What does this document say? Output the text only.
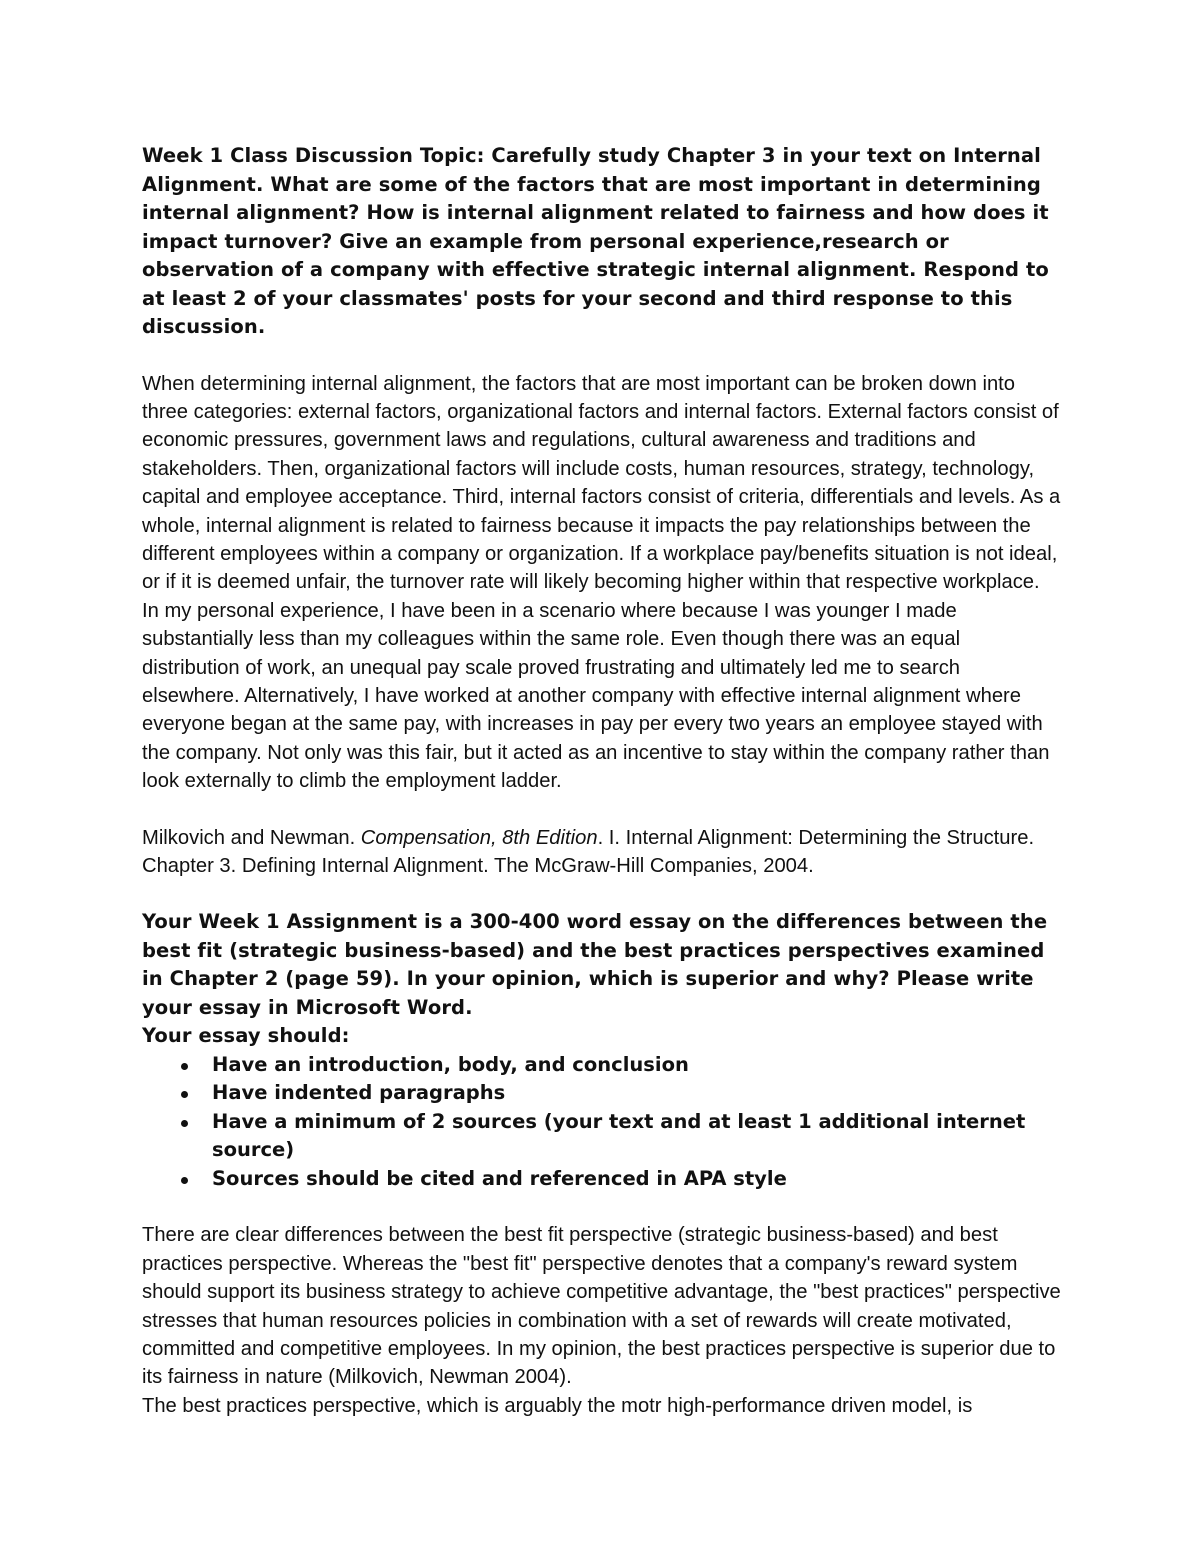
Week 1 Class Discussion Topic: Carefully study Chapter 3 in your text on Internal Alignment. What are some of the factors that are most important in determining internal alignment? How is internal alignment related to fairness and how does it impact turnover? Give an example from personal experience,research or observation of a company with effective strategic internal alignment. Respond to at least 2 of your classmates' posts for your second and third response to this discussion.

When determining internal alignment, the factors that are most important can be broken down into three categories: external factors, organizational factors and internal factors. External factors consist of economic pressures, government laws and regulations, cultural awareness and traditions and stakeholders. Then, organizational factors will include costs, human resources, strategy, technology, capital and employee acceptance. Third, internal factors consist of criteria, differentials and levels. As a whole, internal alignment is related to fairness because it impacts the pay relationships between the different employees within a company or organization. If a workplace pay/benefits situation is not ideal, or if it is deemed unfair, the turnover rate will likely becoming higher within that respective workplace. In my personal experience, I have been in a scenario where because I was younger I made substantially less than my colleagues within the same role. Even though there was an equal distribution of work, an unequal pay scale proved frustrating and ultimately led me to search elsewhere. Alternatively, I have worked at another company with effective internal alignment where everyone began at the same pay, with increases in pay per every two years an employee stayed with the company. Not only was this fair, but it acted as an incentive to stay within the company rather than look externally to climb the employment ladder.

Milkovich and Newman. Compensation, 8th Edition. I. Internal Alignment: Determining the Structure. Chapter 3. Defining Internal Alignment. The McGraw-Hill Companies, 2004.

Your Week 1 Assignment is a 300-400 word essay on the differences between the best fit (strategic business-based) and the best practices perspectives examined in Chapter 2 (page 59). In your opinion, which is superior and why? Please write your essay in Microsoft Word.

Your essay should:

Have an introduction, body, and conclusion
Have indented paragraphs
Have a minimum of 2 sources (your text and at least 1 additional internet source)
Sources should be cited and referenced in APA style

There are clear differences between the best fit perspective (strategic business-based) and best practices perspective. Whereas the "best fit" perspective denotes that a company's reward system should support its business strategy to achieve competitive advantage, the "best practices" perspective stresses that human resources policies in combination with a set of rewards will create motivated, committed and competitive employees. In my opinion, the best practices perspective is superior due to its fairness in nature (Milkovich, Newman 2004).

The best practices perspective, which is arguably the motr high-performance driven model, is
